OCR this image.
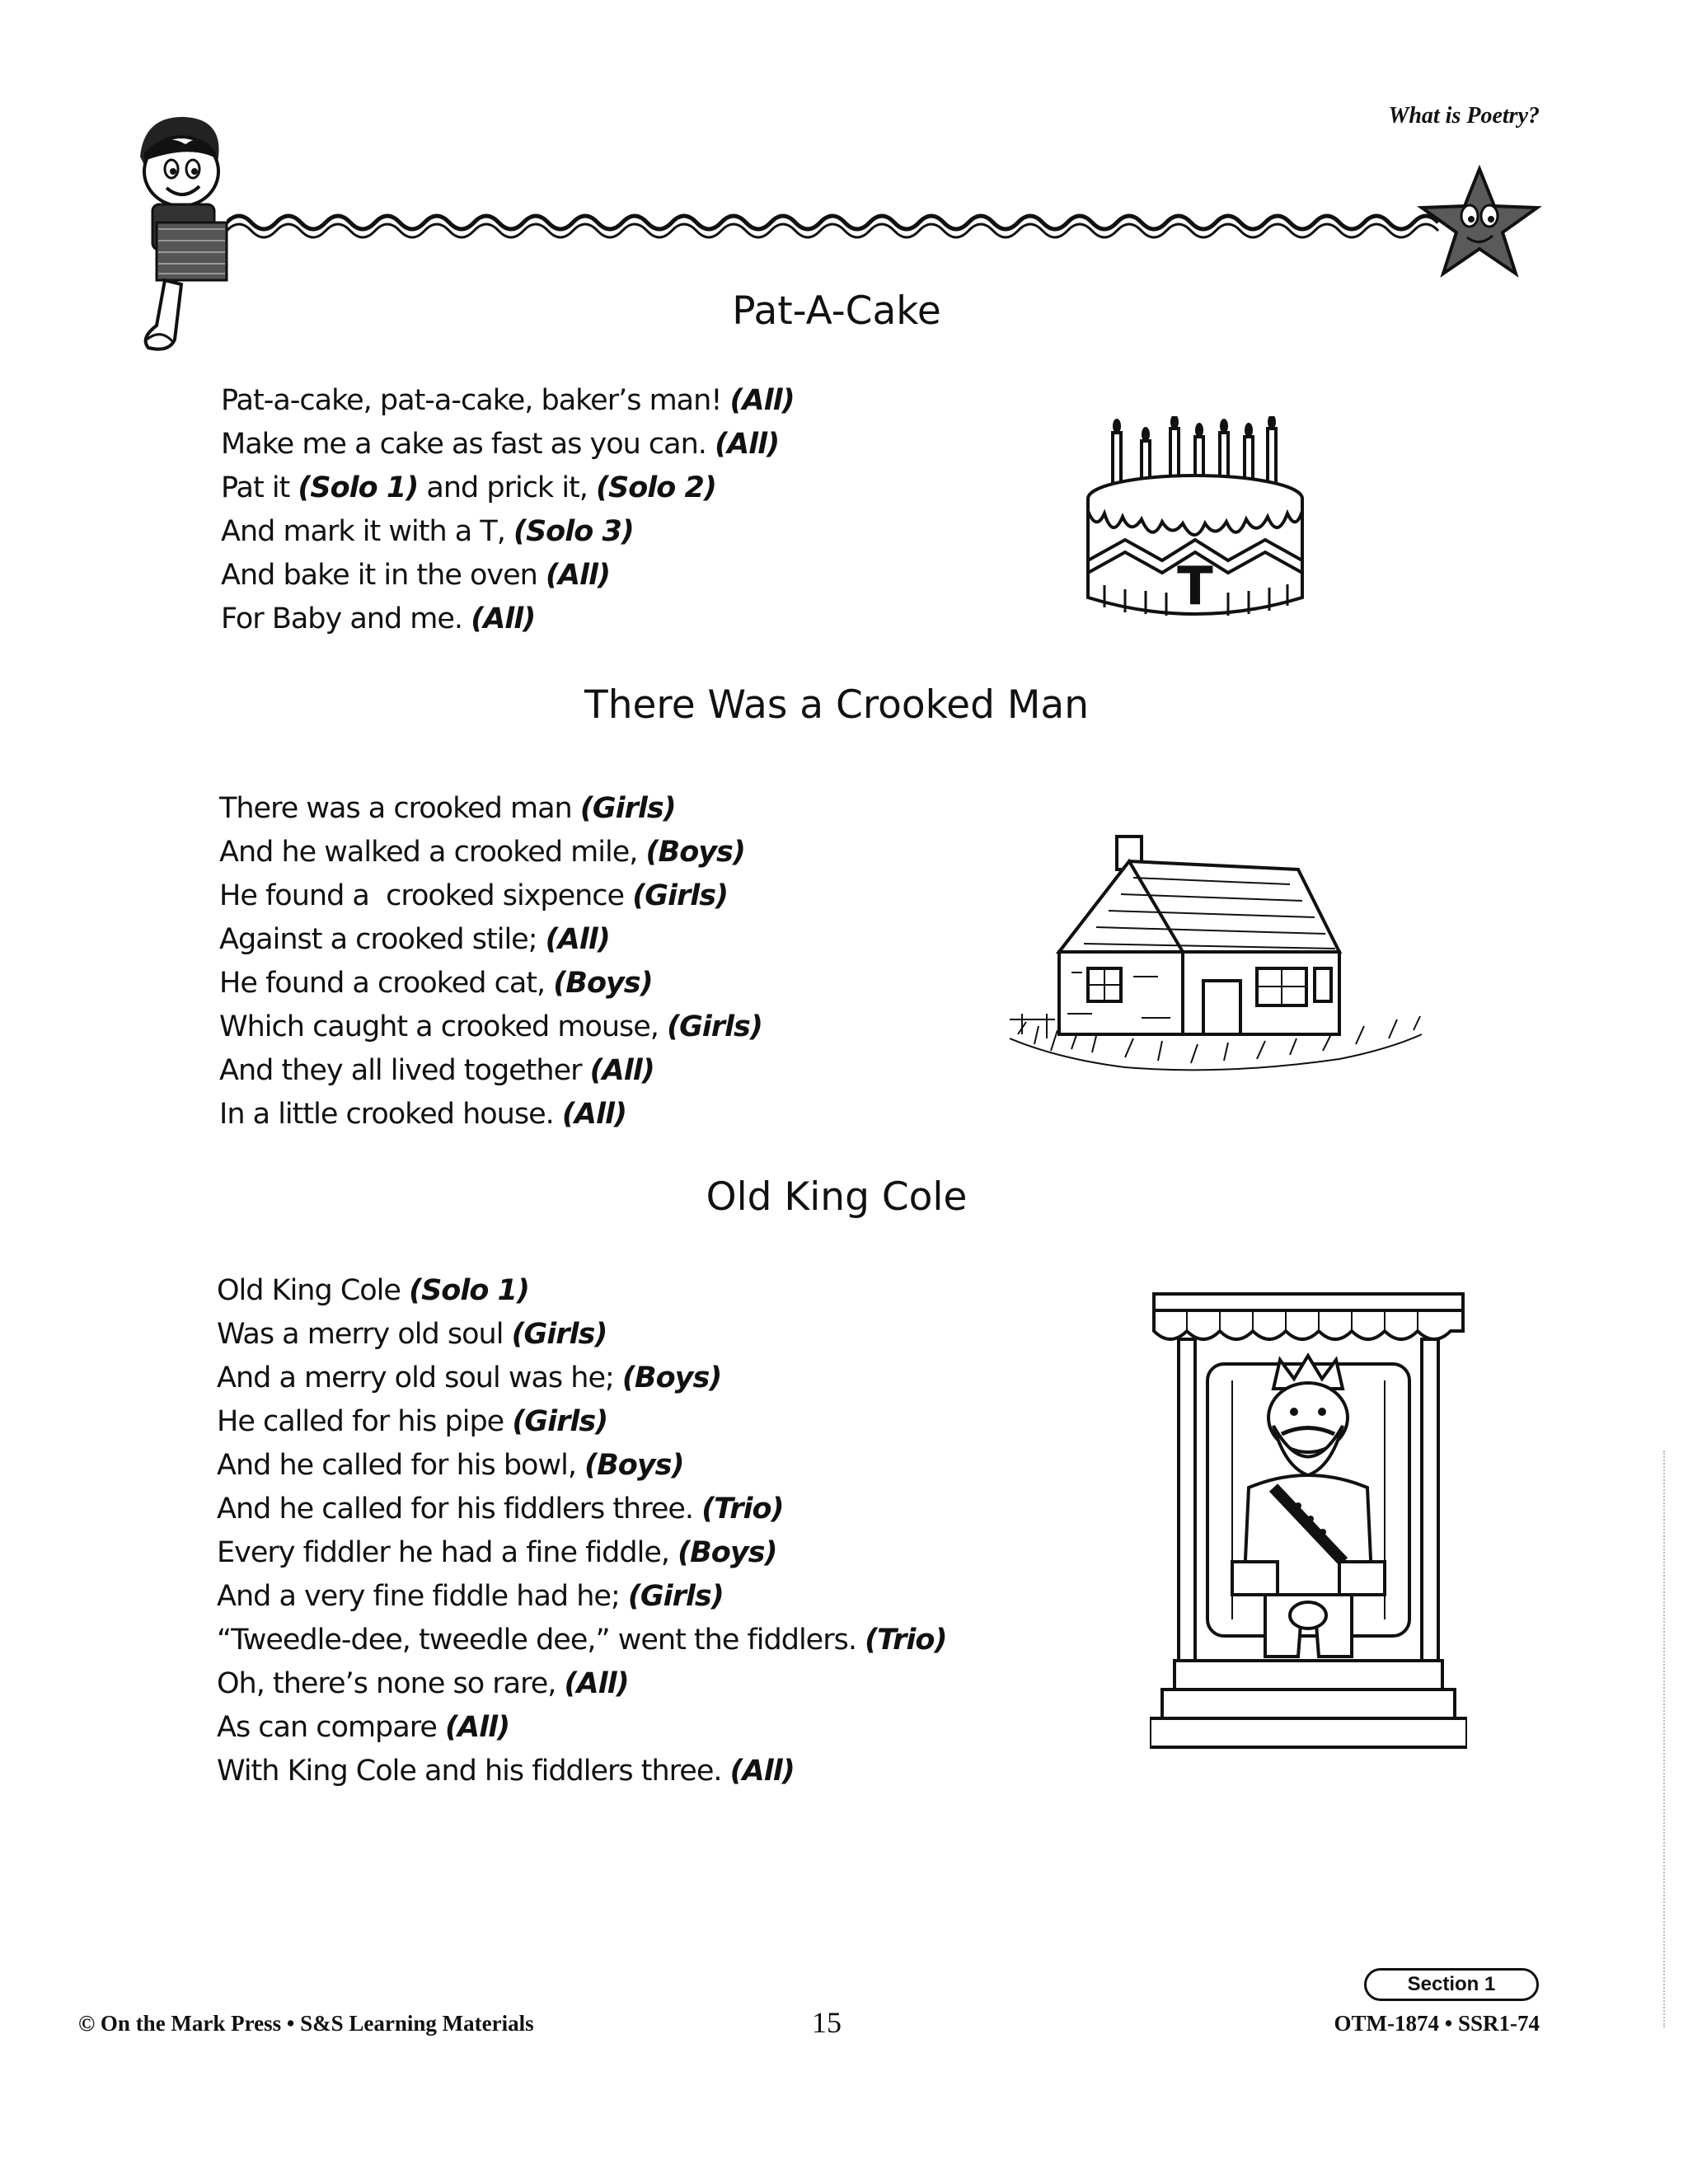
What is Poetry?
Pat-A-Cake
Pat-a-cake, pat-a-cake, baker’s man! (All)
Make me a cake as fast as you can. (All)
Pat it (Solo 1) and prick it, (Solo 2)
And mark it with a T, (Solo 3)
And bake it in the oven (All)
For Baby and me. (All)
T
There Was a Crooked Man
There was a crooked man (Girls)
And he walked a crooked mile, (Boys)
He found a  crooked sixpence (Girls)
Against a crooked stile; (All)
He found a crooked cat, (Boys)
Which caught a crooked mouse, (Girls)
And they all lived together (All)
In a little crooked house. (All)
Old King Cole
Old King Cole (Solo 1)
Was a merry old soul (Girls)
And a merry old soul was he; (Boys)
He called for his pipe (Girls)
And he called for his bowl, (Boys)
And he called for his fiddlers three. (Trio)
Every fiddler he had a fine fiddle, (Boys)
And a very fine fiddle had he; (Girls)
“Tweedle-dee, tweedle dee,” went the fiddlers. (Trio)
Oh, there’s none so rare, (All)
As can compare (All)
With King Cole and his fiddlers three. (All)
Section 1
© On the Mark Press • S&S Learning Materials	15	OTM-1874 • SSR1-74
